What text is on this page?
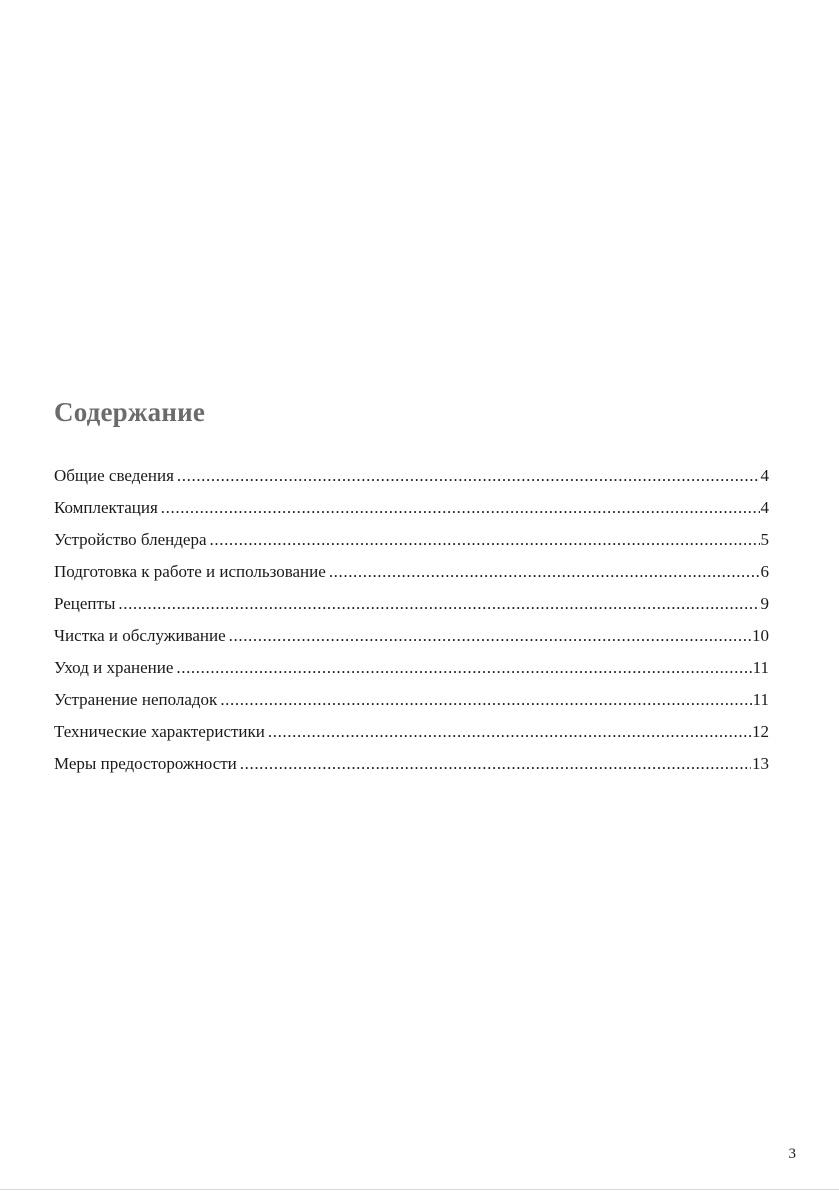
Содержание
Общие сведения .....	4
Комплектация .....	4
Устройство блендера .....	5
Подготовка к работе и использование .....	6
Рецепты .....	9
Чистка и обслуживание .....	10
Уход и хранение .....	11
Устранение неполадок .....	11
Технические характеристики .....	12
Меры предосторожности .....	13
3
